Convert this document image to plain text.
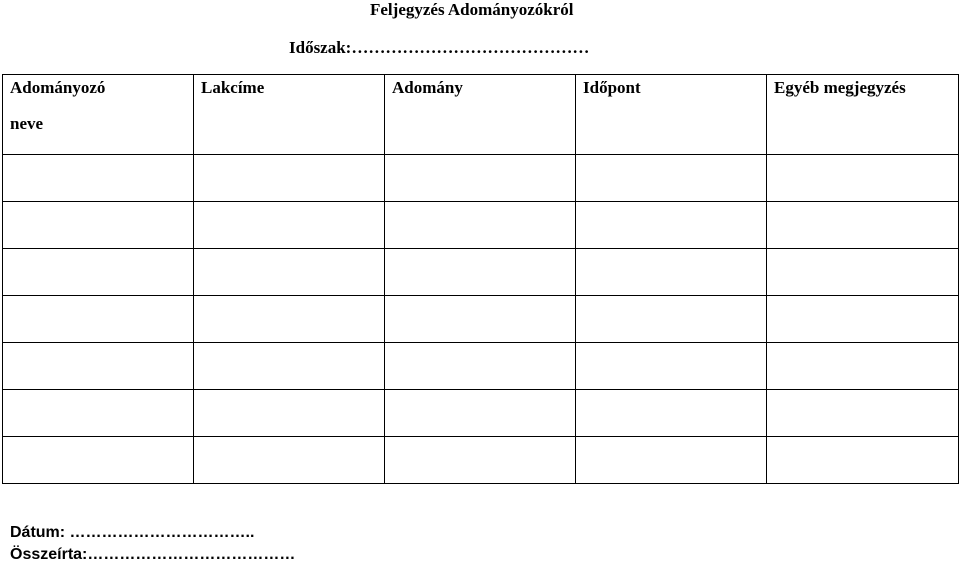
Feljegyzés Adományozókról
Időszak:……………………………………
Adományozó
neve	Lakcíme	Adomány	Időpont	Egyéb megjegyzés

Dátum: ……………………………..
Összeírta:…………………………………
